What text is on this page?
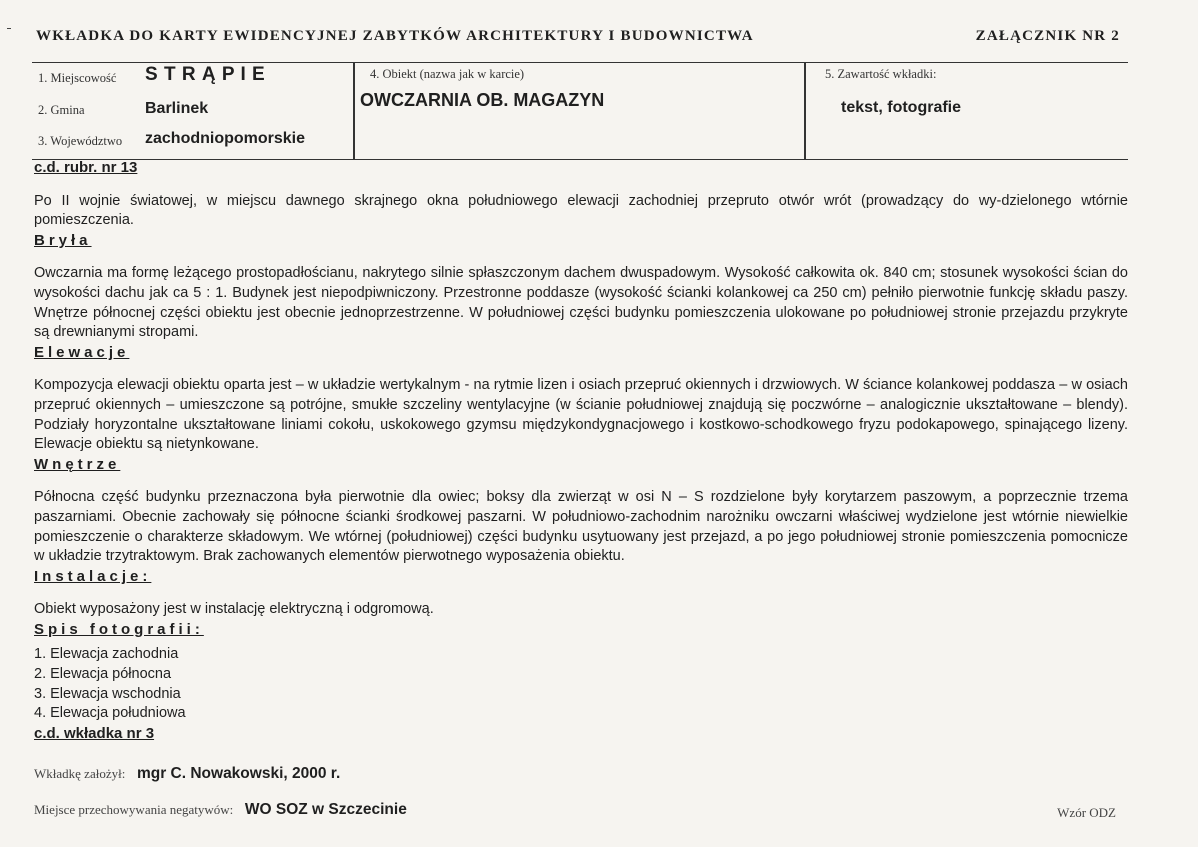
WKŁADKA DO KARTY EWIDENCYJNEJ ZABYTKÓW ARCHITEKTURY I BUDOWNICTWA	ZAŁĄCZNIK NR 2
1. Miejscowość S T R Ą P I E
2. Gmina	Barlinek
3. Województwo zachodniopomorskie
4. Obiekt (nazwa jak w karcie)
OWCZARNIA OB. MAGAZYN
5. Zawartość wkładki:
tekst, fotografie
c.d. rubr. nr 13

Po II wojnie światowej, w miejscu dawnego skrajnego okna południowego elewacji zachodniej przepruto otwór wrót (prowadzący do wy-dzielonego wtórnie pomieszczenia.

Bryła

Owczarnia ma formę leżącego prostopadłościanu, nakrytego silnie spłaszczonym dachem dwuspadowym. Wysokość całkowita ok. 840 cm; stosunek wysokości ścian do wysokości dachu jak ca 5 : 1. Budynek jest niepodpiwniczony. Przestronne poddasze (wysokość ścianki kolankowej ca 250 cm) pełniło pierwotnie funkcję składu paszy. Wnętrze północnej części obiektu jest obecnie jednoprzestrzenne. W południowej części budynku pomieszczenia ulokowane po południowej stronie przejazdu przykryte są drewnianymi stropami.

Elewacje

Kompozycja elewacji obiektu oparta jest – w układzie wertykalnym - na rytmie lizen i osiach przepruć okiennych i drzwiowych. W ściance kolankowej poddasza – w osiach przepruć okiennych – umieszczone są potrójne, smukłe szczeliny wentylacyjne (w ścianie południowej znajdują się poczwórne – analogicznie ukształtowane – blendy). Podziały horyzontalne ukształtowane liniami cokołu, uskokowego gzymsu międzykondygnacjowego i kostkowo-schodkowego fryzu podokapowego, spinającego lizeny. Elewacje obiektu są nietynkowane.

Wnętrze

Północna część budynku przeznaczona była pierwotnie dla owiec; boksy dla zwierząt w osi N – S rozdzielone były korytarzem paszowym, a poprzecznie trzema paszarniami. Obecnie zachowały się północne ścianki środkowej paszarni. W południowo-zachodnim narożniku owczarni właściwej wydzielone jest wtórnie niewielkie pomieszczenie o charakterze składowym. We wtórnej (południowej) części budynku usytuowany jest przejazd, a po jego południowej stronie pomieszczenia pomocnicze w układzie trzytraktowym. Brak zachowanych elementów pierwotnego wyposażenia obiektu.

Instalacje:

Obiekt wyposażony jest w instalację elektryczną i odgromową.

Spis fotografii:
1. Elewacja zachodnia
2. Elewacja północna
3. Elewacja wschodnia
4. Elewacja południowa
c.d. wkładka nr 3
Wkładkę założył: mgr C. Nowakowski, 2000 r.
Miejsce przechowywania negatywów: WO SOZ w Szczecinie	Wzór ODZ
